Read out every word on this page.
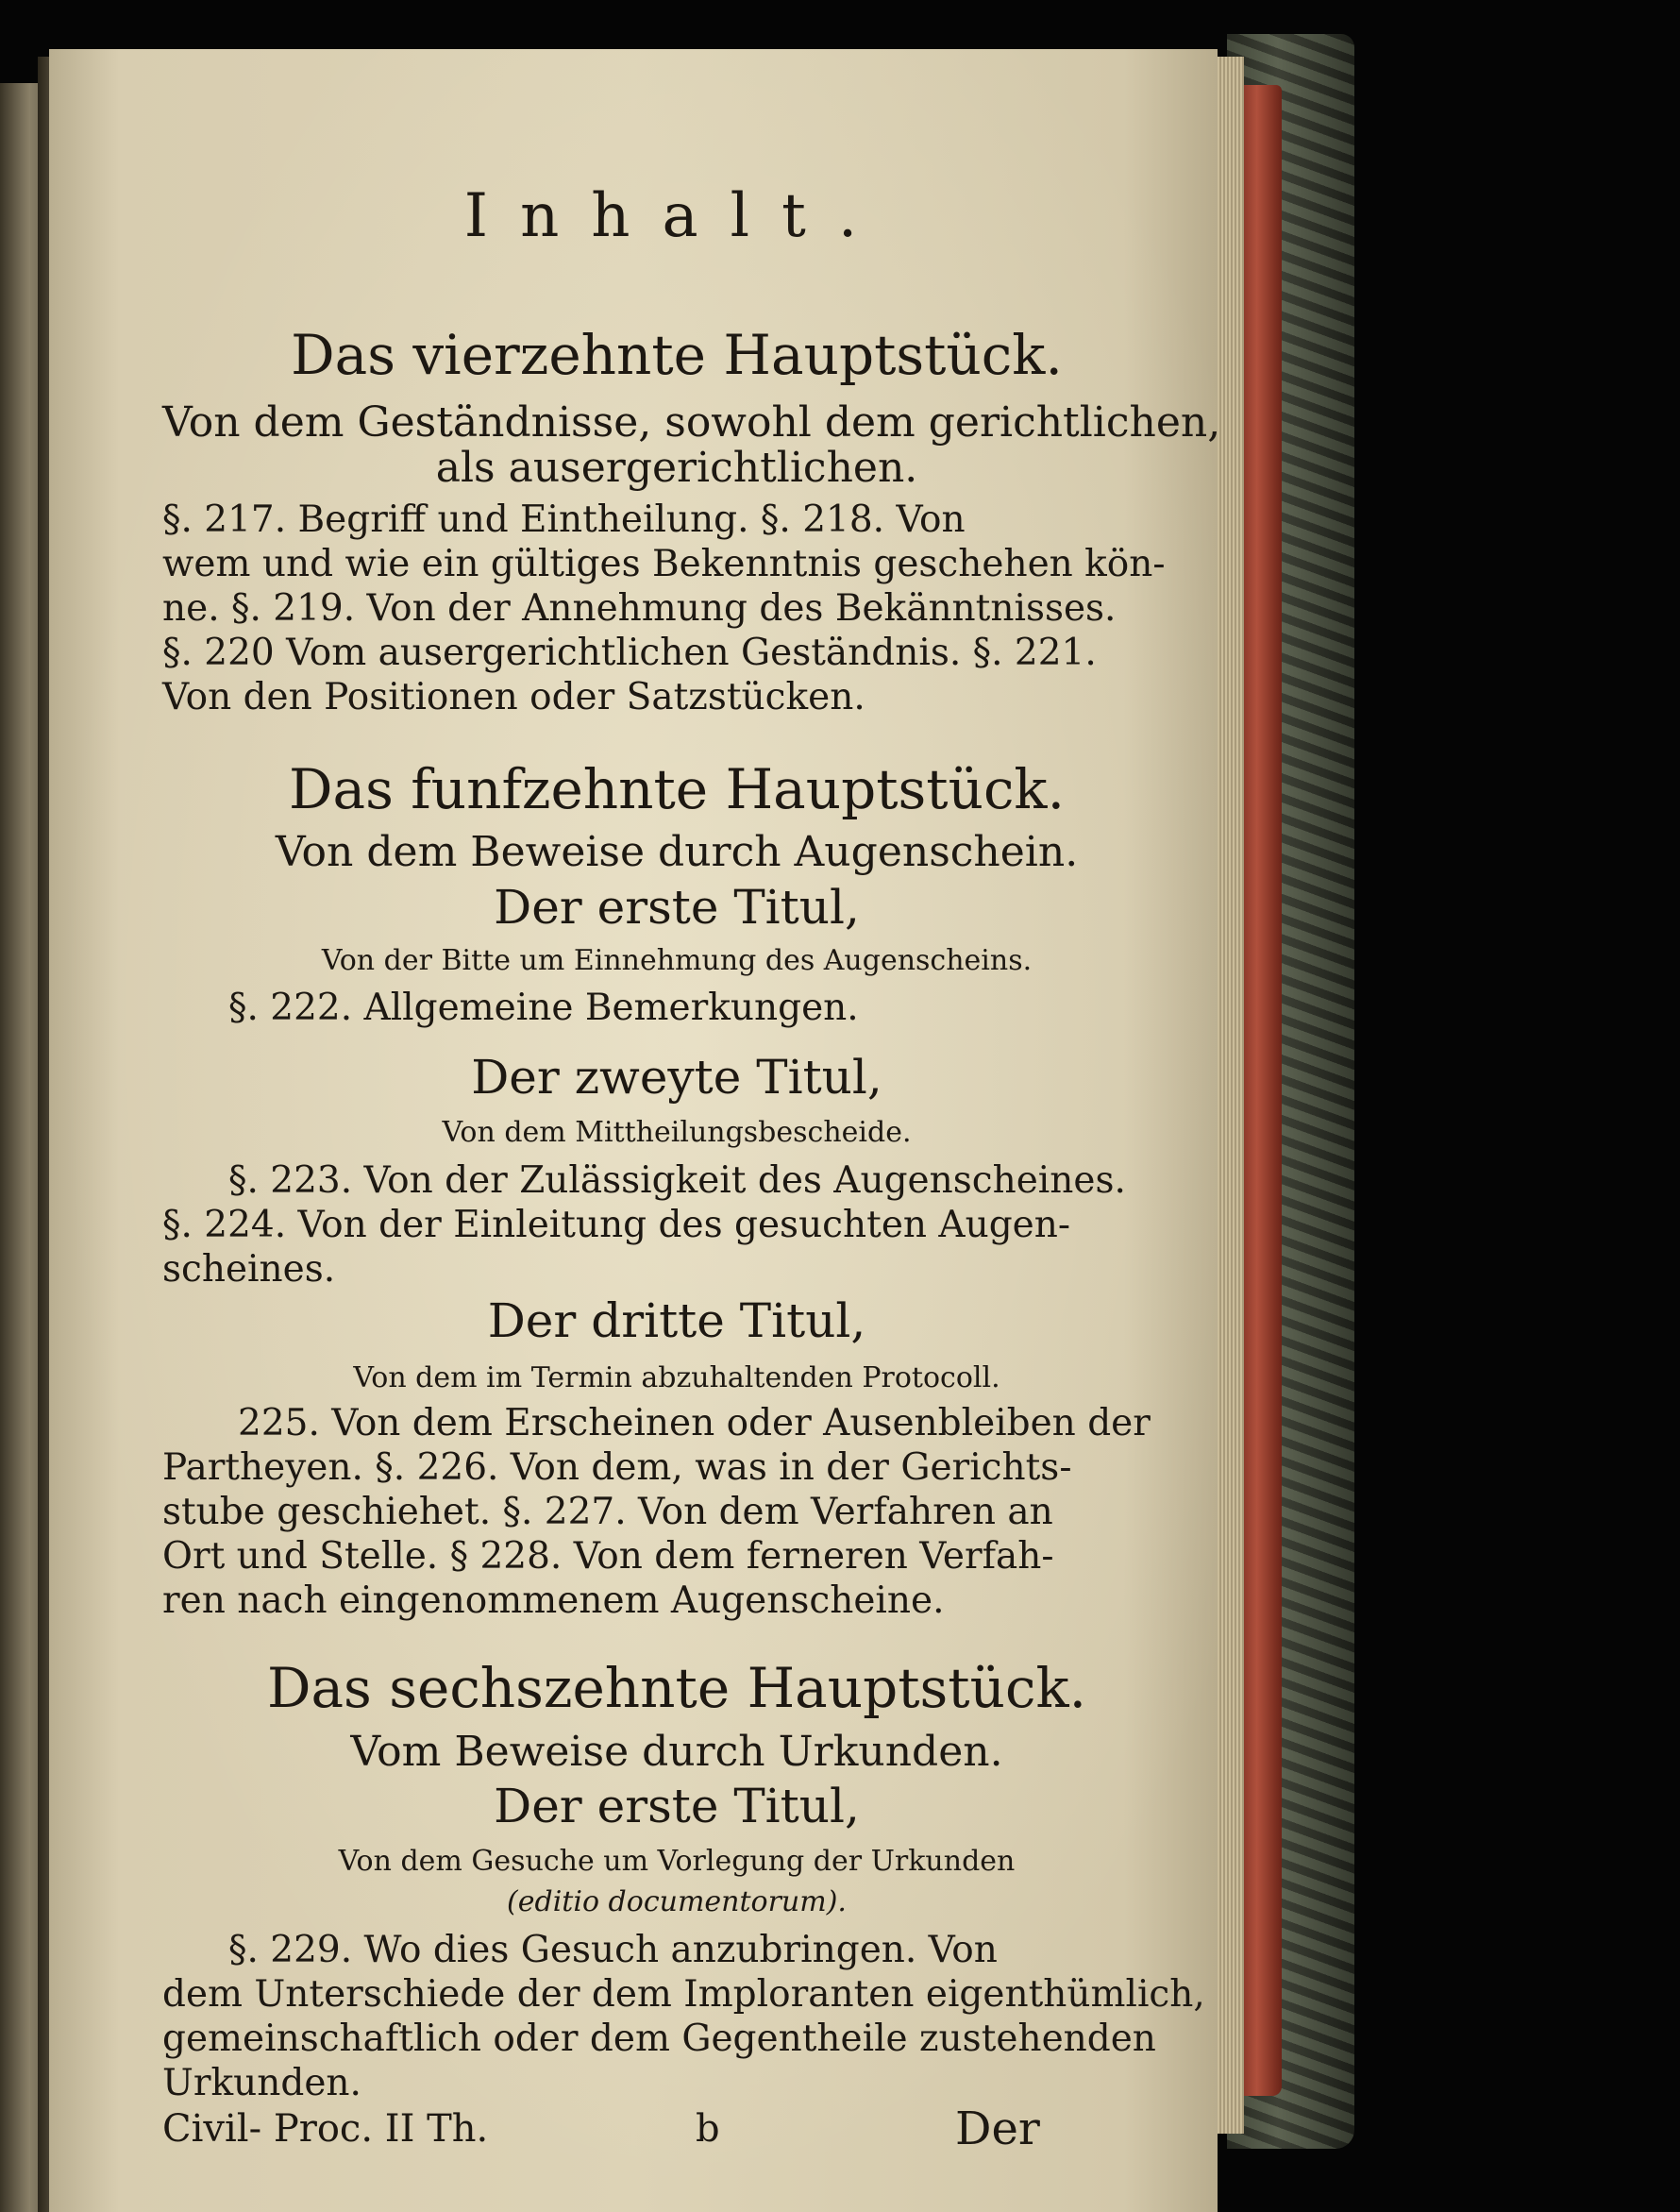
Inhalt.
Das vierzehnte Hauptstück.
Von dem Geständnisse, sowohl dem gerichtlichen,
als ausergerichtlichen.
§. 217. Begriff und Eintheilung. §. 218. Von
wem und wie ein gültiges Bekenntnis geschehen kön-
ne. §. 219. Von der Annehmung des Bekänntnisses.
§. 220 Vom ausergerichtlichen Geständnis. §. 221.
Von den Positionen oder Satzstücken.
Das funfzehnte Hauptstück.
Von dem Beweise durch Augenschein.
Der erste Titul,
Von der Bitte um Einnehmung des Augenscheins.
§. 222. Allgemeine Bemerkungen.
Der zweyte Titul,
Von dem Mittheilungsbescheide.
§. 223. Von der Zulässigkeit des Augenscheines.
§. 224. Von der Einleitung des gesuchten Augen-
scheines.
Der dritte Titul,
Von dem im Termin abzuhaltenden Protocoll.
225. Von dem Erscheinen oder Ausenbleiben der
Partheyen. §. 226. Von dem, was in der Gerichts-
stube geschiehet. §. 227. Von dem Verfahren an
Ort und Stelle. § 228. Von dem ferneren Verfah-
ren nach eingenommenem Augenscheine.
Das sechszehnte Hauptstück.
Vom Beweise durch Urkunden.
Der erste Titul,
Von dem Gesuche um Vorlegung der Urkunden
(editio documentorum).
§. 229. Wo dies Gesuch anzubringen. Von
dem Unterschiede der dem Imploranten eigenthümlich,
gemeinschaftlich oder dem Gegentheile zustehenden
Urkunden.
Civil- Proc. II Th.	b	Der
